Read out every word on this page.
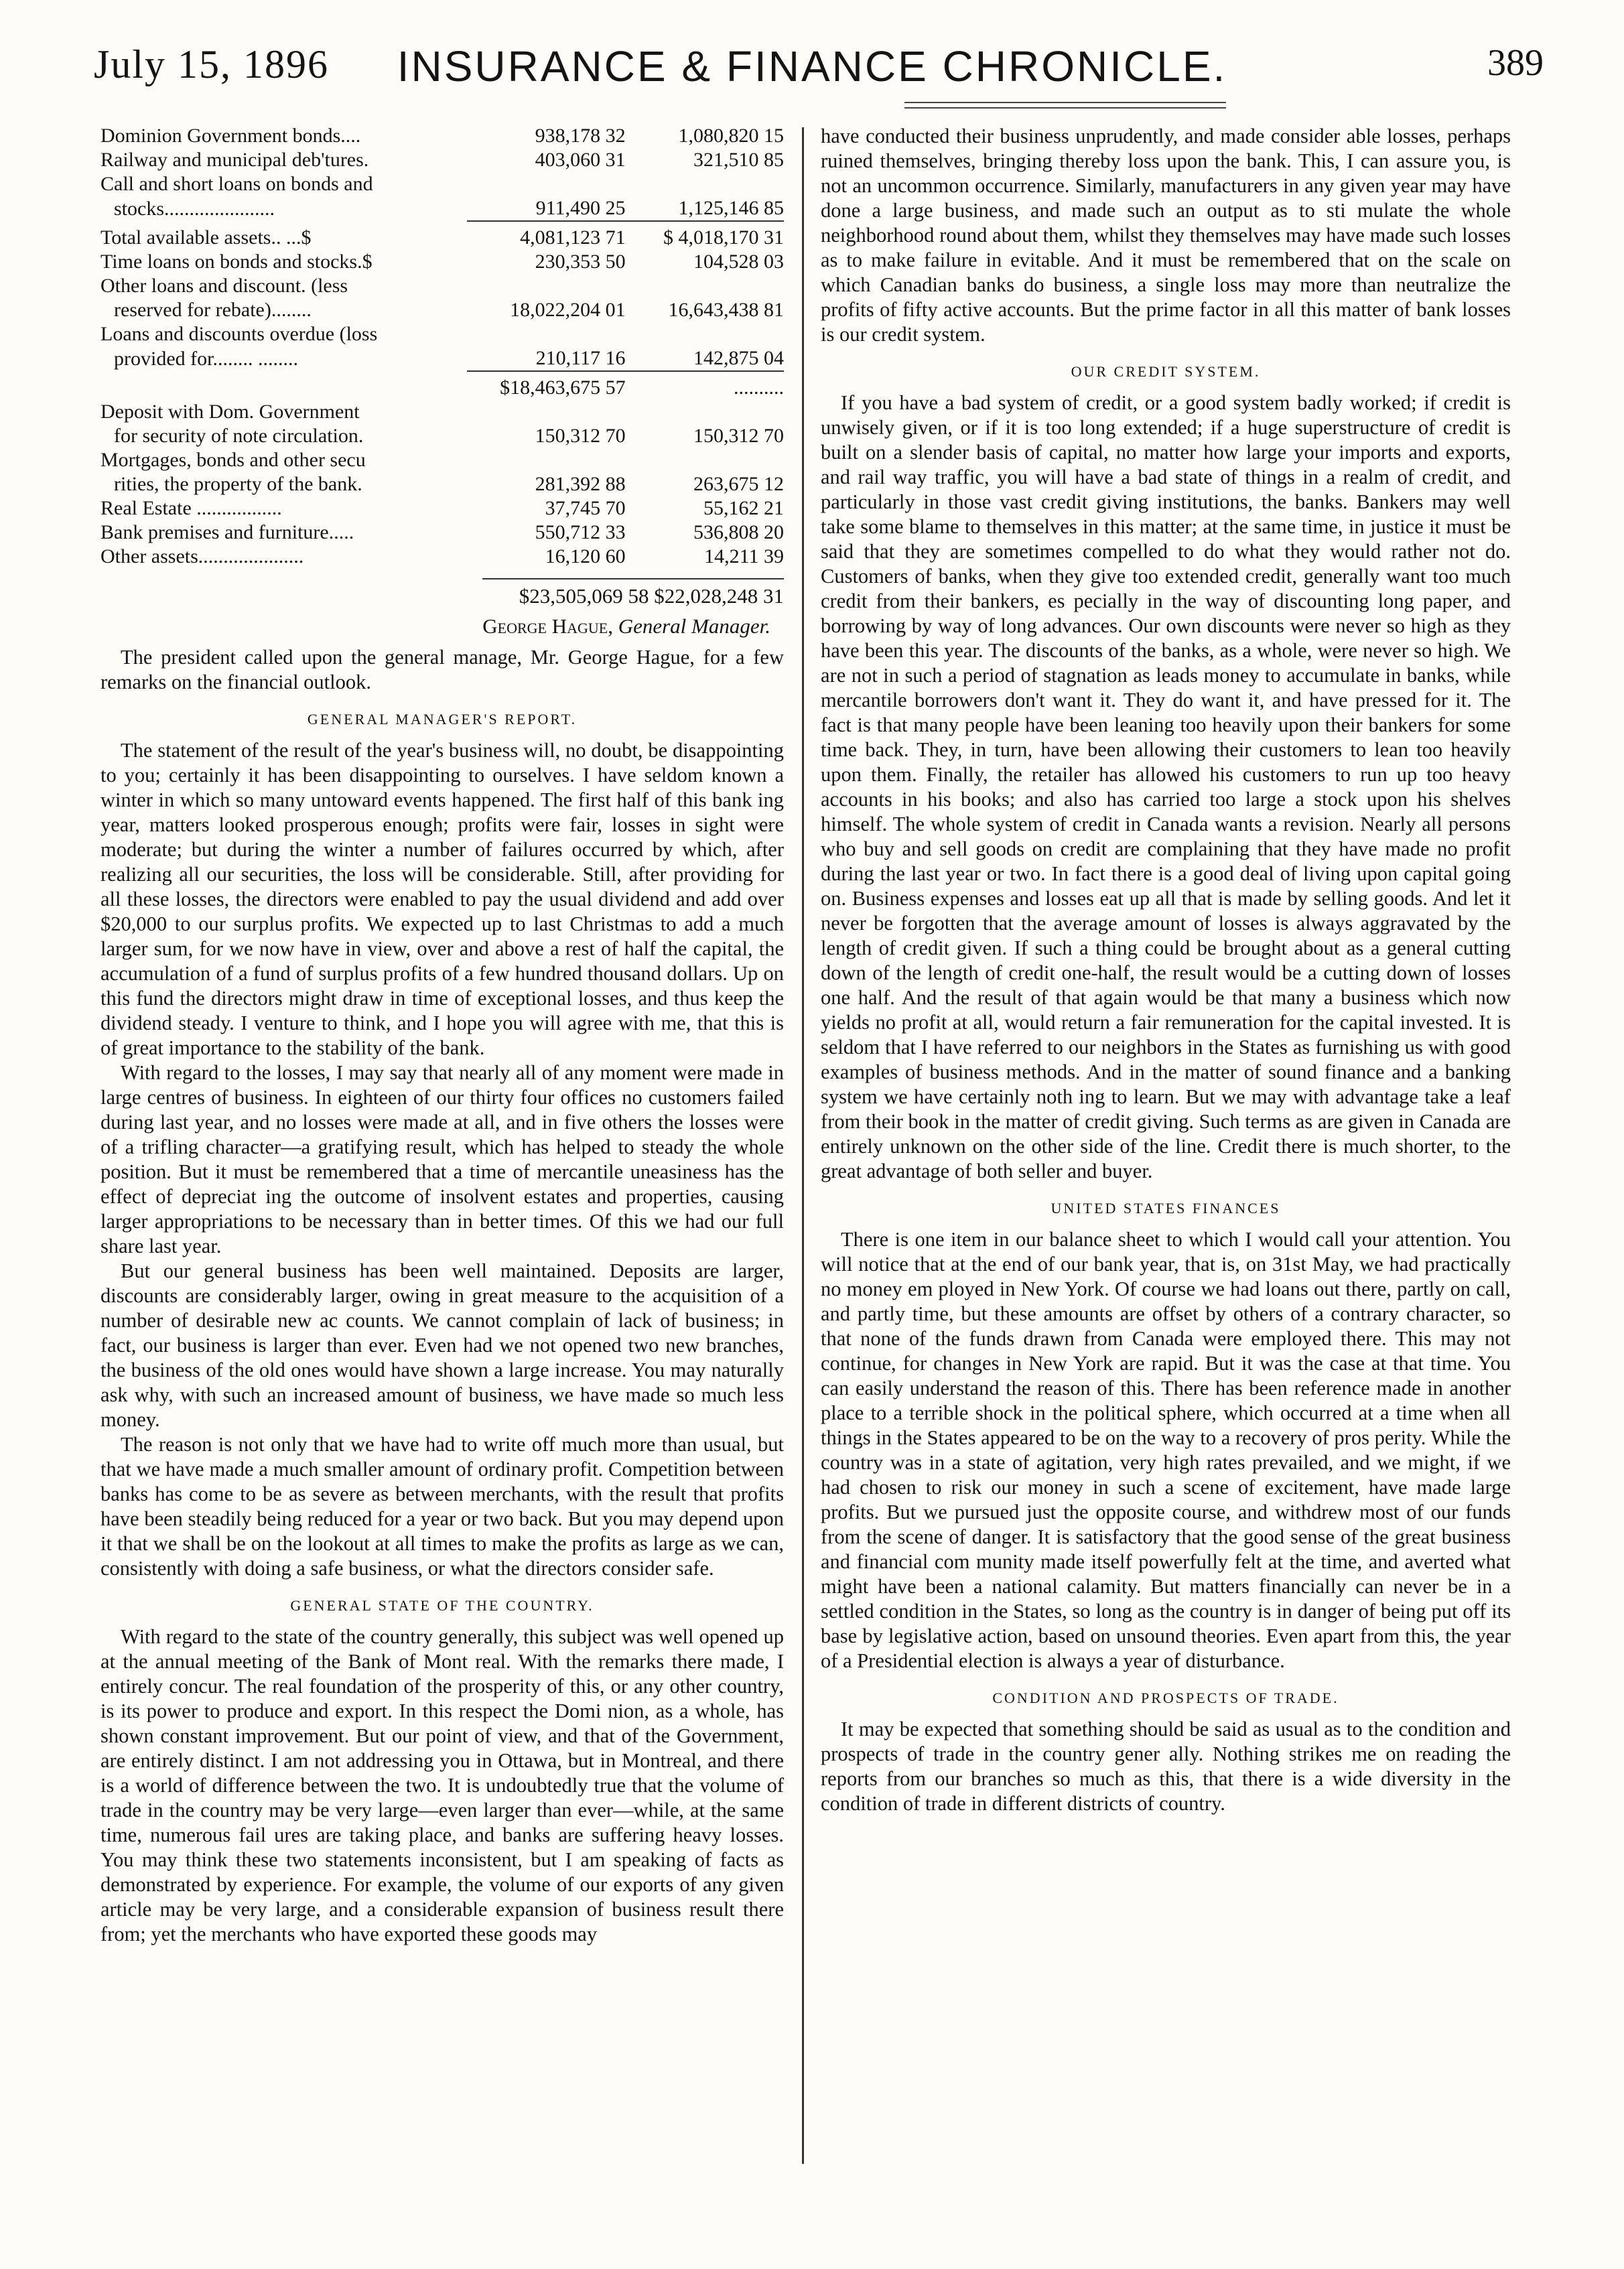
July 15, 1896	INSURANCE & FINANCE CHRONICLE.	389
Dominion Government bonds....	938,178 32	1,080,820 15
Railway and municipal deb'tures.	403,060 31	321,510 85
Call and short loans on bonds and		
stocks......................	911,490 25	1,125,146 85
Total available assets.. ...$	4,081,123 71	$ 4,018,170 31
Time loans on bonds and stocks.$	230,353 50	104,528 03
Other loans and discount. (less		
reserved for rebate)........	18,022,204 01	16,643,438 81
Loans and discounts overdue (loss		
provided for........ ........	210,117 16	142,875 04
	$18,463,675 57	..........
Deposit with Dom. Government		
for security of note circulation.	150,312 70	150,312 70
Mortgages, bonds and other secu		
rities, the property of the bank.	281,392 88	263,675 12
Real Estate .................	37,745 70	55,162 21
Bank premises and furniture.....	550,712 33	536,808 20
Other assets.....................	16,120 60	14,211 39
$23,505,069 58 $22,028,248 31
George Hague, General Manager.

The president called upon the general manage, Mr. George Hague, for a few remarks on the financial outlook.

GENERAL MANAGER'S REPORT.

The statement of the result of the year's business will, no doubt, be disappointing to you; certainly it has been disappointing to ourselves. I have seldom known a winter in which so many untoward events happened. The first half of this bank ing year, matters looked prosperous enough; profits were fair, losses in sight were moderate; but during the winter a number of failures occurred by which, after realizing all our securities, the loss will be considerable. Still, after providing for all these losses, the directors were enabled to pay the usual dividend and add over $20,000 to our surplus profits. We expected up to last Christmas to add a much larger sum, for we now have in view, over and above a rest of half the capital, the accumulation of a fund of surplus profits of a few hundred thousand dollars. Up on this fund the directors might draw in time of exceptional losses, and thus keep the dividend steady. I venture to think, and I hope you will agree with me, that this is of great importance to the stability of the bank.

With regard to the losses, I may say that nearly all of any moment were made in large centres of business. In eighteen of our thirty four offices no customers failed during last year, and no losses were made at all, and in five others the losses were of a trifling character—a gratifying result, which has helped to steady the whole position. But it must be remembered that a time of mercantile uneasiness has the effect of depreciat ing the outcome of insolvent estates and properties, causing larger appropriations to be necessary than in better times. Of this we had our full share last year.

But our general business has been well maintained. Deposits are larger, discounts are considerably larger, owing in great measure to the acquisition of a number of desirable new ac counts. We cannot complain of lack of business; in fact, our business is larger than ever. Even had we not opened two new branches, the business of the old ones would have shown a large increase. You may naturally ask why, with such an increased amount of business, we have made so much less money.

The reason is not only that we have had to write off much more than usual, but that we have made a much smaller amount of ordinary profit. Competition between banks has come to be as severe as between merchants, with the result that profits have been steadily being reduced for a year or two back. But you may depend upon it that we shall be on the lookout at all times to make the profits as large as we can, consistently with doing a safe business, or what the directors consider safe.

GENERAL STATE OF THE COUNTRY.

With regard to the state of the country generally, this subject was well opened up at the annual meeting of the Bank of Mont real. With the remarks there made, I entirely concur. The real foundation of the prosperity of this, or any other country, is its power to produce and export. In this respect the Domi nion, as a whole, has shown constant improvement. But our point of view, and that of the Government, are entirely distinct. I am not addressing you in Ottawa, but in Montreal, and there is a world of difference between the two. It is undoubtedly true that the volume of trade in the country may be very large—even larger than ever—while, at the same time, numerous fail ures are taking place, and banks are suffering heavy losses. You may think these two statements inconsistent, but I am speaking of facts as demonstrated by experience. For example, the volume of our exports of any given article may be very large, and a considerable expansion of business result there from; yet the merchants who have exported these goods may

have conducted their business unprudently, and made consider able losses, perhaps ruined themselves, bringing thereby loss upon the bank. This, I can assure you, is not an uncommon occurrence. Similarly, manufacturers in any given year may have done a large business, and made such an output as to sti mulate the whole neighborhood round about them, whilst they themselves may have made such losses as to make failure in evitable. And it must be remembered that on the scale on which Canadian banks do business, a single loss may more than neutralize the profits of fifty active accounts. But the prime factor in all this matter of bank losses is our credit system.

OUR CREDIT SYSTEM.

If you have a bad system of credit, or a good system badly worked; if credit is unwisely given, or if it is too long extended; if a huge superstructure of credit is built on a slender basis of capital, no matter how large your imports and exports, and rail way traffic, you will have a bad state of things in a realm of credit, and particularly in those vast credit giving institutions, the banks. Bankers may well take some blame to themselves in this matter; at the same time, in justice it must be said that they are sometimes compelled to do what they would rather not do. Customers of banks, when they give too extended credit, generally want too much credit from their bankers, es pecially in the way of discounting long paper, and borrowing by way of long advances. Our own discounts were never so high as they have been this year. The discounts of the banks, as a whole, were never so high. We are not in such a period of stagnation as leads money to accumulate in banks, while mercantile borrowers don't want it. They do want it, and have pressed for it. The fact is that many people have been leaning too heavily upon their bankers for some time back. They, in turn, have been allowing their customers to lean too heavily upon them. Finally, the retailer has allowed his customers to run up too heavy accounts in his books; and also has carried too large a stock upon his shelves himself. The whole system of credit in Canada wants a revision. Nearly all persons who buy and sell goods on credit are complaining that they have made no profit during the last year or two. In fact there is a good deal of living upon capital going on. Business expenses and losses eat up all that is made by selling goods. And let it never be forgotten that the average amount of losses is always aggravated by the length of credit given. If such a thing could be brought about as a general cutting down of the length of credit one-half, the result would be a cutting down of losses one half. And the result of that again would be that many a business which now yields no profit at all, would return a fair remuneration for the capital invested. It is seldom that I have referred to our neighbors in the States as furnishing us with good examples of business methods. And in the matter of sound finance and a banking system we have certainly noth ing to learn. But we may with advantage take a leaf from their book in the matter of credit giving. Such terms as are given in Canada are entirely unknown on the other side of the line. Credit there is much shorter, to the great advantage of both seller and buyer.

UNITED STATES FINANCES

There is one item in our balance sheet to which I would call your attention. You will notice that at the end of our bank year, that is, on 31st May, we had practically no money em ployed in New York. Of course we had loans out there, partly on call, and partly time, but these amounts are offset by others of a contrary character, so that none of the funds drawn from Canada were employed there. This may not continue, for changes in New York are rapid. But it was the case at that time. You can easily understand the reason of this. There has been reference made in another place to a terrible shock in the political sphere, which occurred at a time when all things in the States appeared to be on the way to a recovery of pros perity. While the country was in a state of agitation, very high rates prevailed, and we might, if we had chosen to risk our money in such a scene of excitement, have made large profits. But we pursued just the opposite course, and withdrew most of our funds from the scene of danger. It is satisfactory that the good sense of the great business and financial com munity made itself powerfully felt at the time, and averted what might have been a national calamity. But matters financially can never be in a settled condition in the States, so long as the country is in danger of being put off its base by legislative action, based on unsound theories. Even apart from this, the year of a Presidential election is always a year of disturbance.

CONDITION AND PROSPECTS OF TRADE.

It may be expected that something should be said as usual as to the condition and prospects of trade in the country gener ally. Nothing strikes me on reading the reports from our branches so much as this, that there is a wide diversity in the condition of trade in different districts of country.
